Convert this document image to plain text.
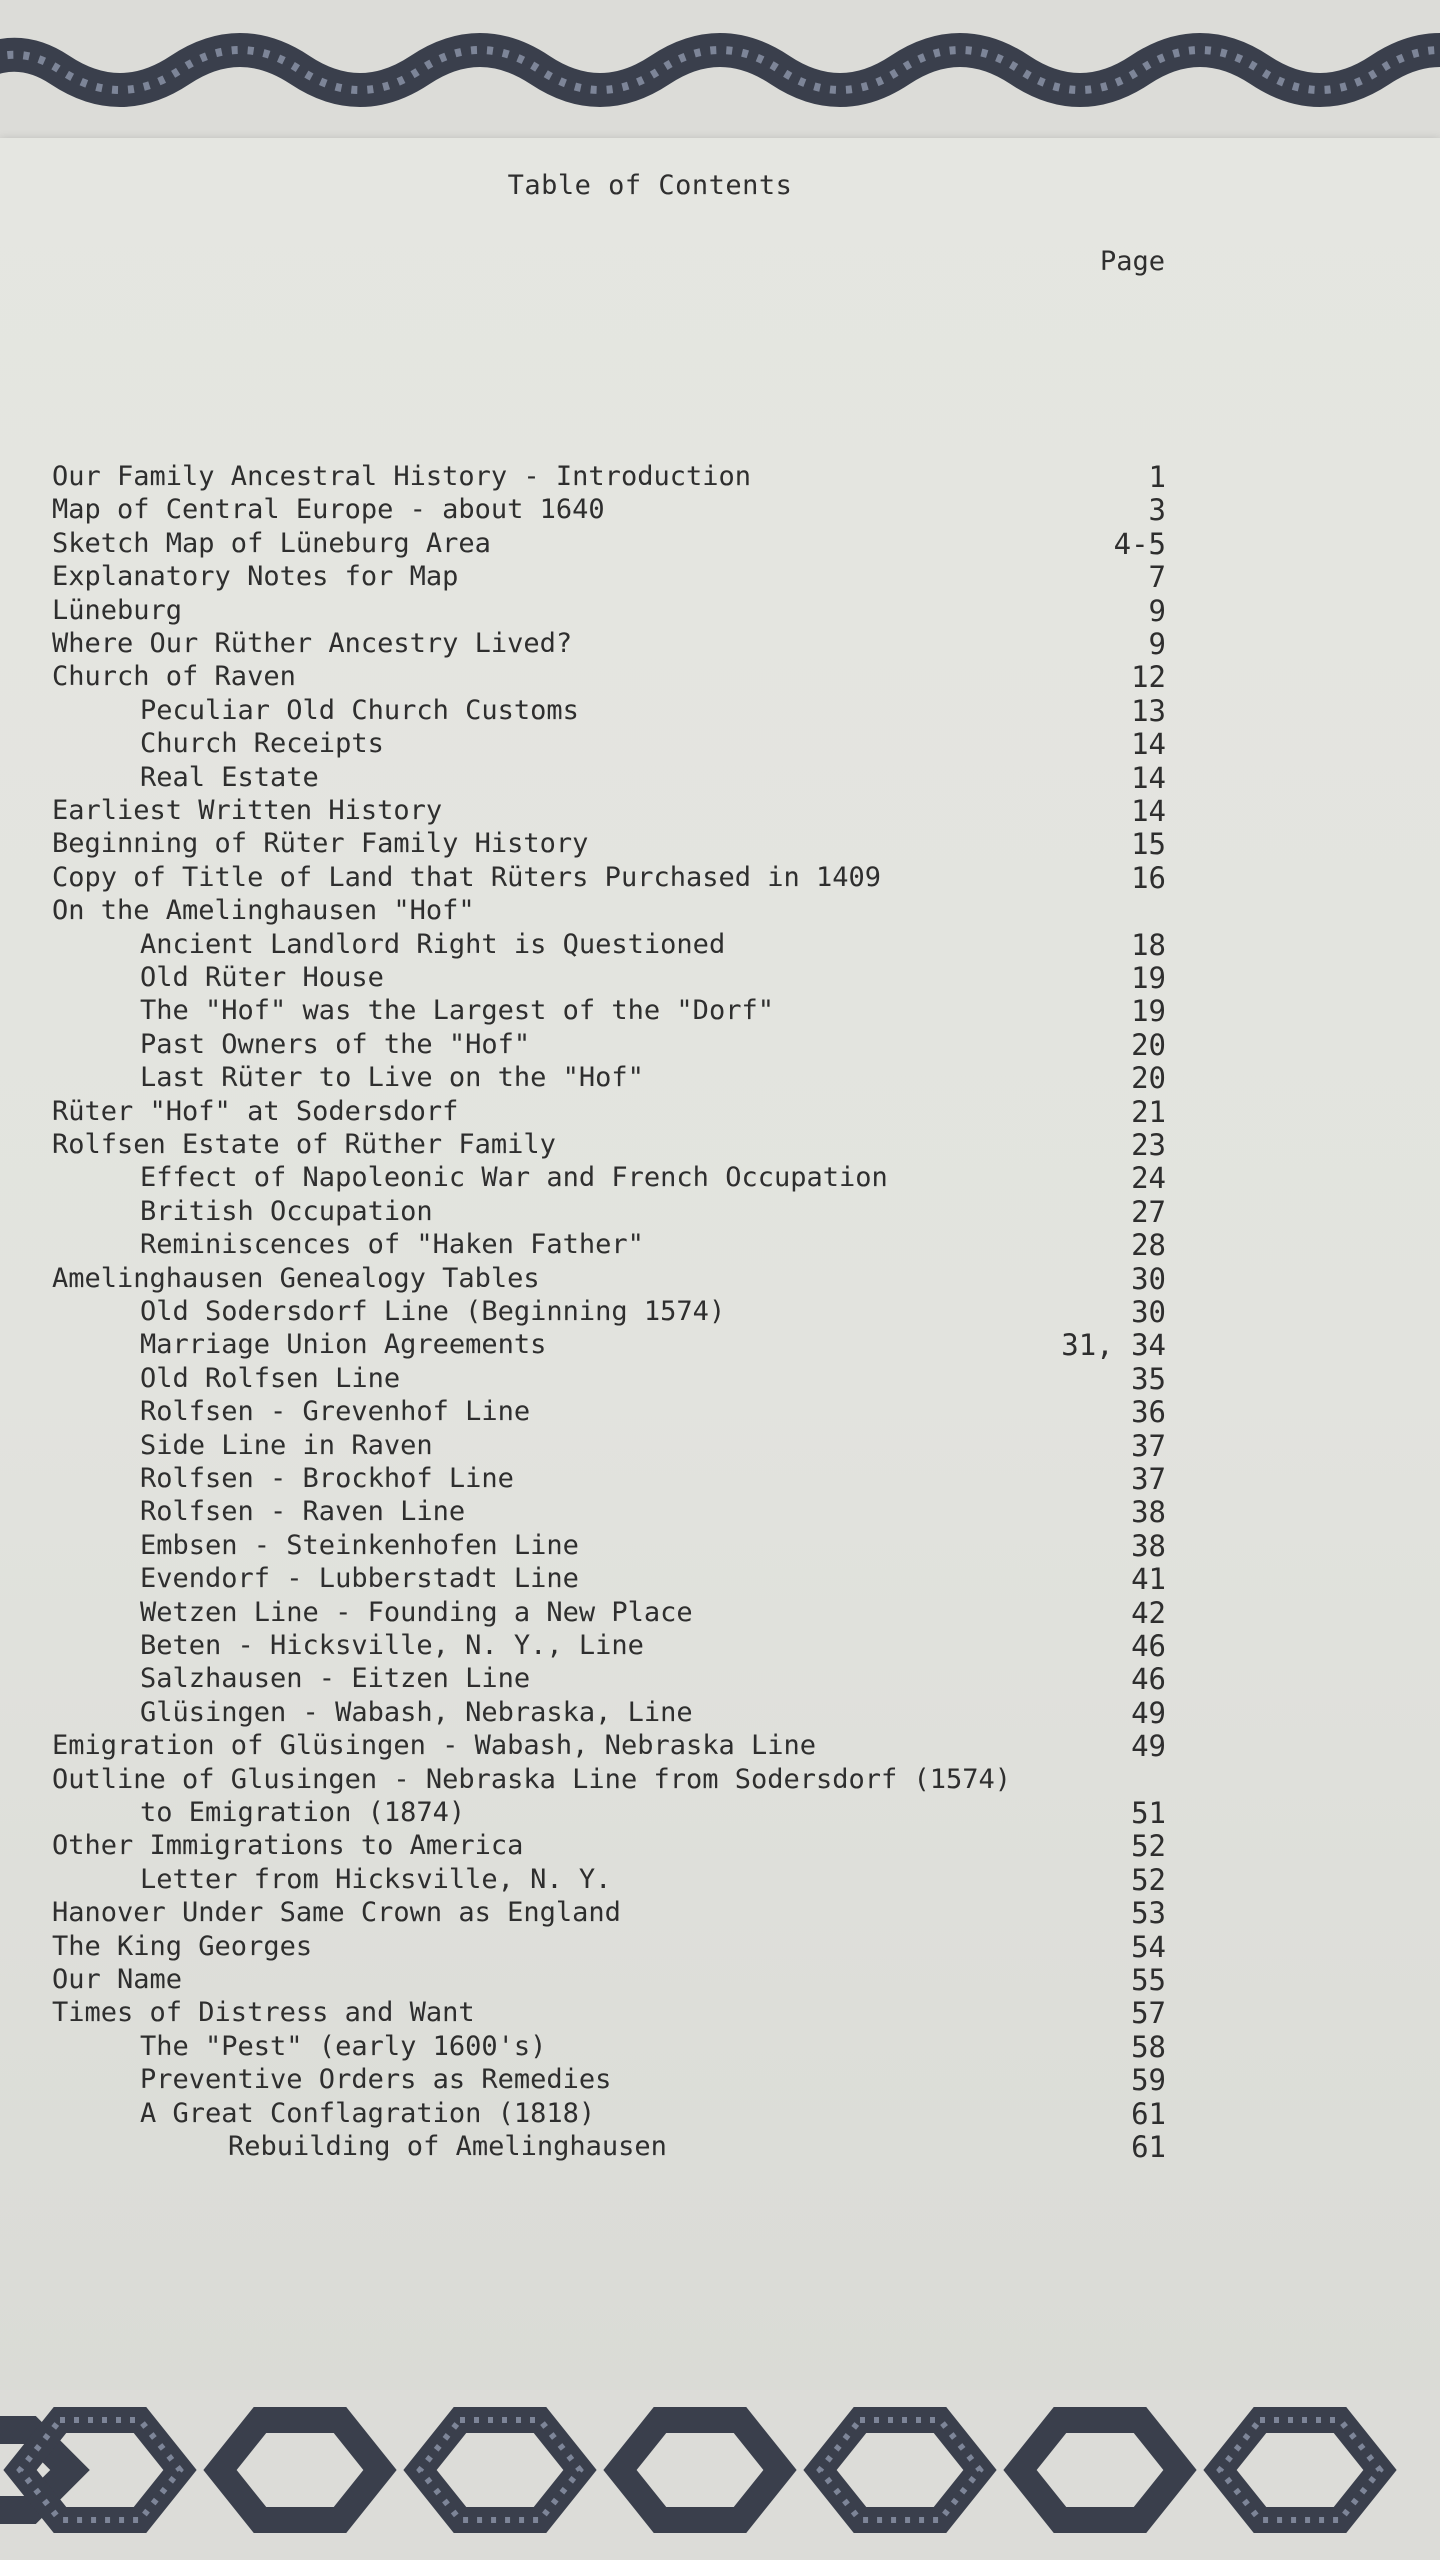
Table of Contents
Page
Our Family Ancestral History - Introduction	1
Map of Central Europe - about 1640	3
Sketch Map of Lüneburg Area	4-5
Explanatory Notes for Map	7
Lüneburg	9
Where Our Rüther Ancestry Lived?	9
Church of Raven	12
Peculiar Old Church Customs	13
Church Receipts	14
Real Estate	14
Earliest Written History	14
Beginning of Rüter Family History	15
Copy of Title of Land that Rüters Purchased in 1409	16
On the Amelinghausen "Hof"
Ancient Landlord Right is Questioned	18
Old Rüter House	19
The "Hof" was the Largest of the "Dorf"	19
Past Owners of the "Hof"	20
Last Rüter to Live on the "Hof"	20
Rüter "Hof" at Sodersdorf	21
Rolfsen Estate of Rüther Family	23
Effect of Napoleonic War and French Occupation	24
British Occupation	27
Reminiscences of "Haken Father"	28
Amelinghausen Genealogy Tables	30
Old Sodersdorf Line (Beginning 1574)	30
Marriage Union Agreements	31, 34
Old Rolfsen Line	35
Rolfsen - Grevenhof Line	36
Side Line in Raven	37
Rolfsen - Brockhof Line	37
Rolfsen - Raven Line	38
Embsen - Steinkenhofen Line	38
Evendorf - Lubberstadt Line	41
Wetzen Line - Founding a New Place	42
Beten - Hicksville, N. Y., Line	46
Salzhausen - Eitzen Line	46
Glüsingen - Wabash, Nebraska, Line	49
Emigration of Glüsingen - Wabash, Nebraska Line	49
Outline of Glusingen - Nebraska Line from Sodersdorf (1574)
to Emigration (1874)	51
Other Immigrations to America	52
Letter from Hicksville, N. Y.	52
Hanover Under Same Crown as England	53
The King Georges	54
Our Name	55
Times of Distress and Want	57
The "Pest" (early 1600's)	58
Preventive Orders as Remedies	59
A Great Conflagration (1818)	61
Rebuilding of Amelinghausen	61
